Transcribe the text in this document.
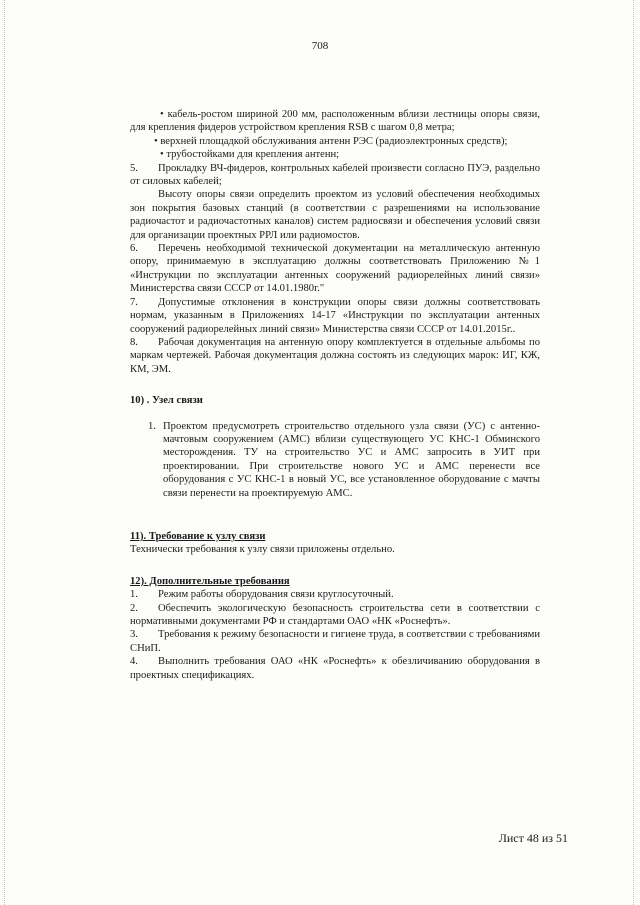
708

• кабель-ростом шириной 200 мм, расположенным вблизи лестницы опоры связи, для крепления фидеров устройством крепления RSB с шагом 0,8 метра;

• верхней площадкой обслуживания антенн РЭС (радиоэлектронных средств);

• трубостойками для крепления антенн;

5. Прокладку ВЧ-фидеров, контрольных кабелей произвести согласно ПУЭ, раздельно от силовых кабелей;

Высоту опоры связи определить проектом из условий обеспечения необходимых зон покрытия базовых станций (в соответствии с разрешениями на использование радиочастот и радиочастотных каналов) систем радиосвязи и обеспечения условий связи для организации проектных РРЛ или радиомостов.

6. Перечень необходимой технической документации на металлическую антенную опору, принимаемую в эксплуатацию должны соответствовать Приложению №1 «Инструкции по эксплуатации антенных сооружений радиорелейных линий связи» Министерства связи СССР от 14.01.1980г."

7. Допустимые отклонения в конструкции опоры связи должны соответствовать нормам, указанным в Приложениях 14-17 «Инструкции по эксплуатации антенных сооружений радиорелейных линий связи» Министерства связи СССР от 14.01.2015г..

8. Рабочая документация на антенную опору комплектуется в отдельные альбомы по маркам чертежей. Рабочая документация должна состоять из следующих марок: ИГ, КЖ, КМ, ЭМ.

10) . Узел связи

1. Проектом предусмотреть строительство отдельного узла связи (УС) с антенно-мачтовым сооружением (АМС) вблизи существующего УС КНС-1 Обминского месторождения. ТУ на строительство УС и АМС запросить в УИТ при проектировании. При строительстве нового УС и АМС перенести все оборудования с УС КНС-1 в новый УС, все установленное оборудование с мачты связи перенести на проектируемую АМС.

11). Требование к узлу связи

Технически требования к узлу связи приложены отдельно.

12). Дополнительные требования

1. Режим работы оборудования связи круглосуточный.

2. Обеспечить экологическую безопасность строительства сети в соответствии с нормативными документами РФ и стандартами ОАО «НК «Роснефть».

3. Требования к режиму безопасности и гигиене труда, в соответствии с требованиями СНиП.

4. Выполнить требования ОАО «НК «Роснефть» к обезличиванию оборудования в проектных спецификациях.

Лист 48 из 51
